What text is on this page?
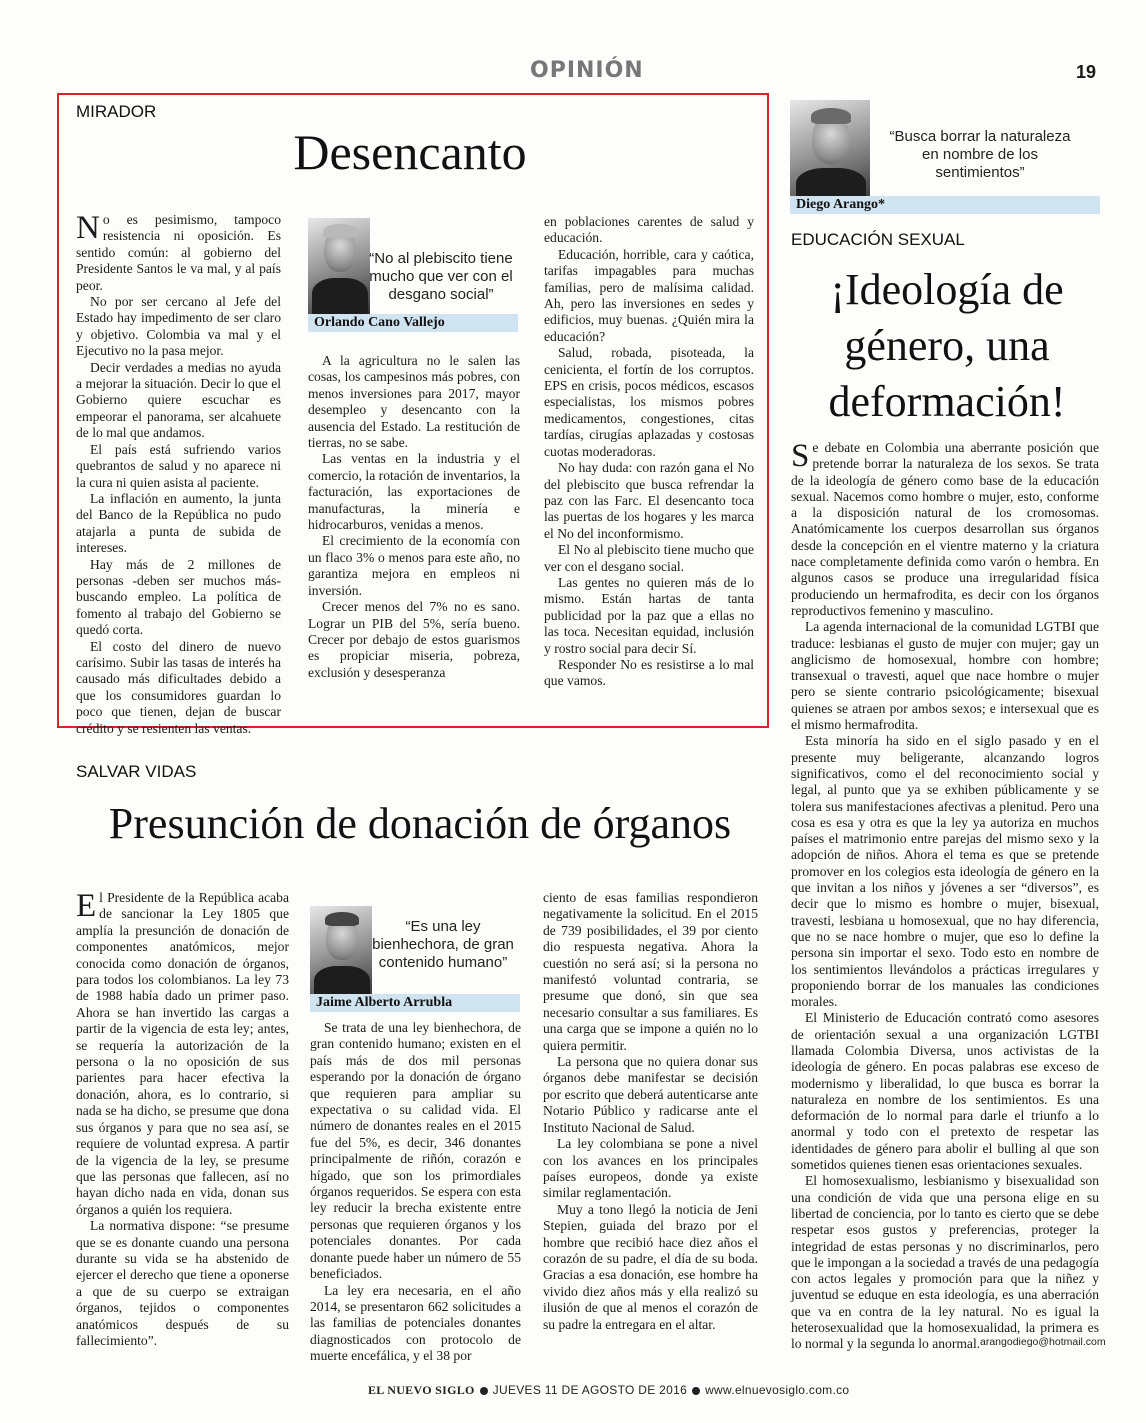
OPINIÓN	19
MIRADOR
Desencanto

No es pesimismo, tampoco resistencia ni oposición. Es sentido común: al gobierno del Presidente Santos le va mal, y al país peor.

No por ser cercano al Jefe del Estado hay impedimento de ser claro y objetivo. Colombia va mal y el Ejecutivo no la pasa mejor.

Decir verdades a medias no ayuda a mejorar la situación. Decir lo que el Gobierno quiere escuchar es empeorar el panorama, ser alcahuete de lo mal que andamos.

El país está sufriendo varios quebrantos de salud y no aparece ni la cura ni quien asista al paciente.

La inflación en aumento, la junta del Banco de la República no pudo atajarla a punta de subida de intereses.

Hay más de 2 millones de personas -deben ser muchos más- buscando empleo. La política de fomento al trabajo del Gobierno se quedó corta.

El costo del dinero de nuevo carísimo. Subir las tasas de interés ha causado más dificultades debido a que los consumidores guardan lo poco que tienen, dejan de buscar crédito y se resienten las ventas.

“No al plebiscito tiene mucho que ver con el desgano social”
Orlando Cano Vallejo

A la agricultura no le salen las cosas, los campesinos más pobres, con menos inversiones para 2017, mayor desempleo y desencanto con la ausencia del Estado. La restitución de tierras, no se sabe.

Las ventas en la industria y el comercio, la rotación de inventarios, la facturación, las exportaciones de manufacturas, la minería e hidrocarburos, venidas a menos.

El crecimiento de la economía con un flaco 3% o menos para este año, no garantiza mejora en empleos ni inversión.

Crecer menos del 7% no es sano. Lograr un PIB del 5%, sería bueno. Crecer por debajo de estos guarismos es propiciar miseria, pobreza, exclusión y desesperanza

en poblaciones carentes de salud y educación.

Educación, horrible, cara y caótica, tarifas impagables para muchas familias, pero de malísima calidad. Ah, pero las inversiones en sedes y edificios, muy buenas. ¿Quién mira la educación?

Salud, robada, pisoteada, la cenicienta, el fortín de los corruptos. EPS en crisis, pocos médicos, escasos especialistas, los mismos pobres medicamentos, congestiones, citas tardías, cirugías aplazadas y costosas cuotas moderadoras.

No hay duda: con razón gana el No del plebiscito que busca refrendar la paz con las Farc. El desencanto toca las puertas de los hogares y les marca el No del inconformismo.

El No al plebiscito tiene mucho que ver con el desgano social.

Las gentes no quieren más de lo mismo. Están hartas de tanta publicidad por la paz que a ellas no las toca. Necesitan equidad, inclusión y rostro social para decir Sí.

Responder No es resistirse a lo mal que vamos.

SALVAR VIDAS
Presunción de donación de órganos

El Presidente de la República acaba de sancionar la Ley 1805 que amplía la presunción de donación de componentes anatómicos, mejor conocida como donación de órganos, para todos los colombianos. La ley 73 de 1988 había dado un primer paso. Ahora se han invertido las cargas a partir de la vigencia de esta ley; antes, se requería la autorización de la persona o la no oposición de sus parientes para hacer efectiva la donación, ahora, es lo contrario, si nada se ha dicho, se presume que dona sus órganos y para que no sea así, se requiere de voluntad expresa. A partir de la vigencia de la ley, se presume que las personas que fallecen, así no hayan dicho nada en vida, donan sus órganos a quién los requiera.

La normativa dispone: “se presume que se es donante cuando una persona durante su vida se ha abstenido de ejercer el derecho que tiene a oponerse a que de su cuerpo se extraigan órganos, tejidos o componentes anatómicos después de su fallecimiento”.

“Es una ley bienhechora, de gran contenido humano”
Jaime Alberto Arrubla

Se trata de una ley bienhechora, de gran contenido humano; existen en el país más de dos mil personas esperando por la donación de órgano que requieren para ampliar su expectativa o su calidad vida. El número de donantes reales en el 2015 fue del 5%, es decir, 346 donantes principalmente de riñón, corazón e hígado, que son los primordiales órganos requeridos. Se espera con esta ley reducir la brecha existente entre personas que requieren órganos y los potenciales donantes. Por cada donante puede haber un número de 55 beneficiados.

La ley era necesaria, en el año 2014, se presentaron 662 solicitudes a las familias de potenciales donantes diagnosticados con protocolo de muerte encefálica, y el 38 por

ciento de esas familias respondieron negativamente la solicitud. En el 2015 de 739 posibilidades, el 39 por ciento dio respuesta negativa. Ahora la cuestión no será así; si la persona no manifestó voluntad contraria, se presume que donó, sin que sea necesario consultar a sus familiares. Es una carga que se impone a quién no lo quiera permitir.

La persona que no quiera donar sus órganos debe manifestar se decisión por escrito que deberá autenticarse ante Notario Público y radicarse ante el Instituto Nacional de Salud.

La ley colombiana se pone a nivel con los avances en los principales países europeos, donde ya existe similar reglamentación.

Muy a tono llegó la noticia de Jeni Stepien, guiada del brazo por el hombre que recibió hace diez años el corazón de su padre, el día de su boda. Gracias a esa donación, ese hombre ha vivido diez años más y ella realizó su ilusión de que al menos el corazón de su padre la entregara en el altar.

“Busca borrar la naturaleza en nombre de los sentimientos”
Diego Arango*
EDUCACIÓN SEXUAL
¡Ideología de género, una deformación!

Se debate en Colombia una aberrante posición que pretende borrar la naturaleza de los sexos. Se trata de la ideología de género como base de la educación sexual. Nacemos como hombre o mujer, esto, conforme a la disposición natural de los cromosomas. Anatómicamente los cuerpos desarrollan sus órganos desde la concepción en el vientre materno y la criatura nace completamente definida como varón o hembra. En algunos casos se produce una irregularidad física produciendo un hermafrodita, es decir con los órganos reproductivos femenino y masculino.

La agenda internacional de la comunidad LGTBI que traduce: lesbianas el gusto de mujer con mujer; gay un anglicismo de homosexual, hombre con hombre; transexual o travesti, aquel que nace hombre o mujer pero se siente contrario psicológicamente; bisexual quienes se atraen por ambos sexos; e intersexual que es el mismo hermafrodita.

Esta minoría ha sido en el siglo pasado y en el presente muy beligerante, alcanzando logros significativos, como el del reconocimiento social y legal, al punto que ya se exhiben públicamente y se tolera sus manifestaciones afectivas a plenitud. Pero una cosa es esa y otra es que la ley ya autoriza en muchos países el matrimonio entre parejas del mismo sexo y la adopción de niños. Ahora el tema es que se pretende promover en los colegios esta ideología de género en la que invitan a los niños y jóvenes a ser “diversos”, es decir que lo mismo es hombre o mujer, bisexual, travesti, lesbiana u homosexual, que no hay diferencia, que no se nace hombre o mujer, que eso lo define la persona sin importar el sexo. Todo esto en nombre de los sentimientos llevándolos a prácticas irregulares y proponiendo borrar de los manuales las condiciones morales.

El Ministerio de Educación contrató como asesores de orientación sexual a una organización LGTBI llamada Colombia Diversa, unos activistas de la ideología de género. En pocas palabras ese exceso de modernismo y liberalidad, lo que busca es borrar la naturaleza en nombre de los sentimientos. Es una deformación de lo normal para darle el triunfo a lo anormal y todo con el pretexto de respetar las identidades de género para abolir el bulling al que son sometidos quienes tienen esas orientaciones sexuales.

El homosexualismo, lesbianismo y bisexualidad son una condición de vida que una persona elige en su libertad de conciencia, por lo tanto es cierto que se debe respetar esos gustos y preferencias, proteger la integridad de estas personas y no discriminarlos, pero que le impongan a la sociedad a través de una pedagogía con actos legales y promoción para que la niñez y juventud se eduque en esta ideología, es una aberración que va en contra de la ley natural. No es igual la heterosexualidad que la homosexualidad, la primera es lo normal y la segunda lo anormal. arangodiego@hotmail.com
EL NUEVO SIGLO JUEVES 11 DE AGOSTO DE 2016 www.elnuevosiglo.com.co
